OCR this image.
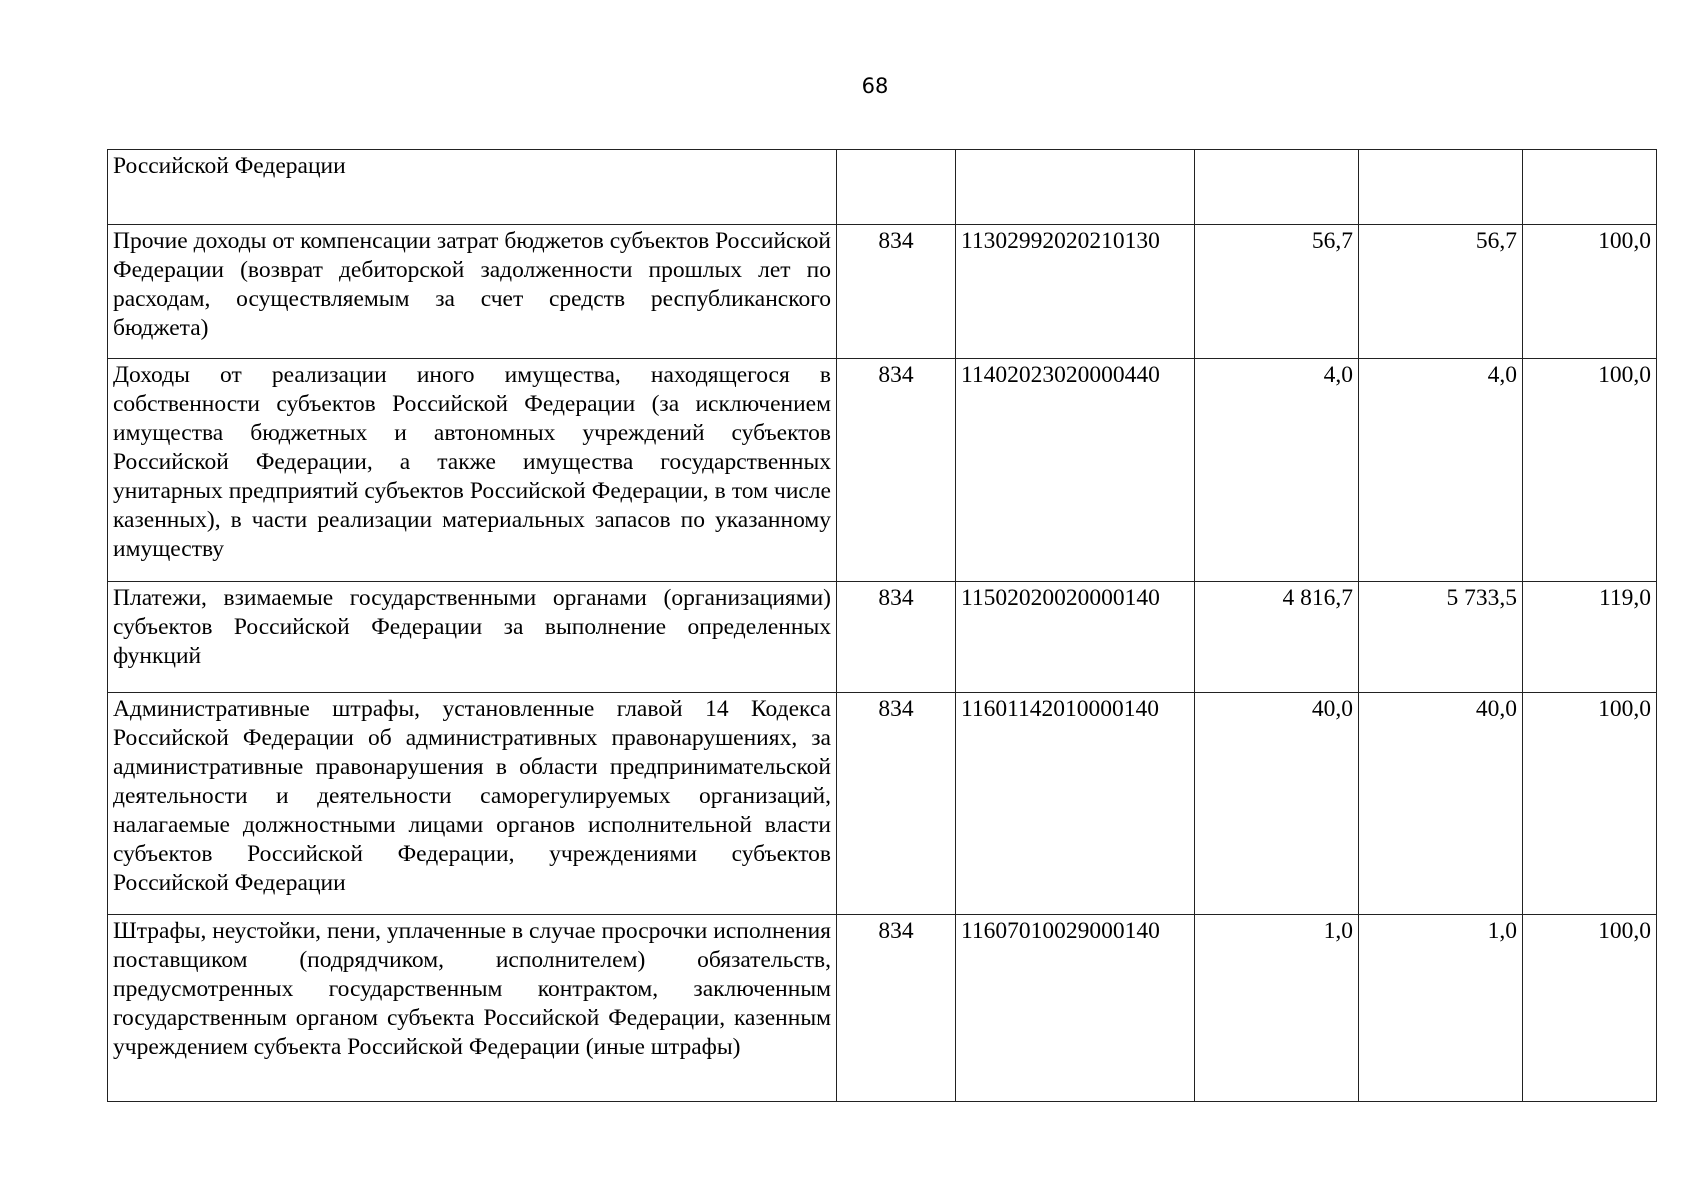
68
Российской Федерации					
Прочие доходы от компенсации затрат бюджетов субъектов Российской Федерации (возврат дебиторской задолженности прошлых лет по расходам, осуществляемым за счет средств республиканского бюджета)	834	11302992020210130	56,7	56,7	100,0
Доходы от реализации иного имущества, находящегося в собственности субъектов Российской Федерации (за исключением имущества бюджетных и автономных учреждений субъектов Российской Федерации, а также имущества государственных унитарных предприятий субъектов Российской Федерации, в том числе казенных), в части реализации материальных запасов по указанному имуществу	834	11402023020000440	4,0	4,0	100,0
Платежи, взимаемые государственными органами (организациями) субъектов Российской Федерации за выполнение определенных функций	834	11502020020000140	4 816,7	5 733,5	119,0
Административные штрафы, установленные главой 14 Кодекса Российской Федерации об административных правонарушениях, за административные правонарушения в области предпринимательской деятельности и деятельности саморегулируемых организаций, налагаемые должностными лицами органов исполнительной власти субъектов Российской Федерации, учреждениями субъектов Российской Федерации	834	11601142010000140	40,0	40,0	100,0
Штрафы, неустойки, пени, уплаченные в случае просрочки исполнения поставщиком (подрядчиком, исполнителем) обязательств, предусмотренных государственным контрактом, заключенным государственным органом субъекта Российской Федерации, казенным учреждением субъекта Российской Федерации (иные штрафы)	834	11607010029000140	1,0	1,0	100,0
